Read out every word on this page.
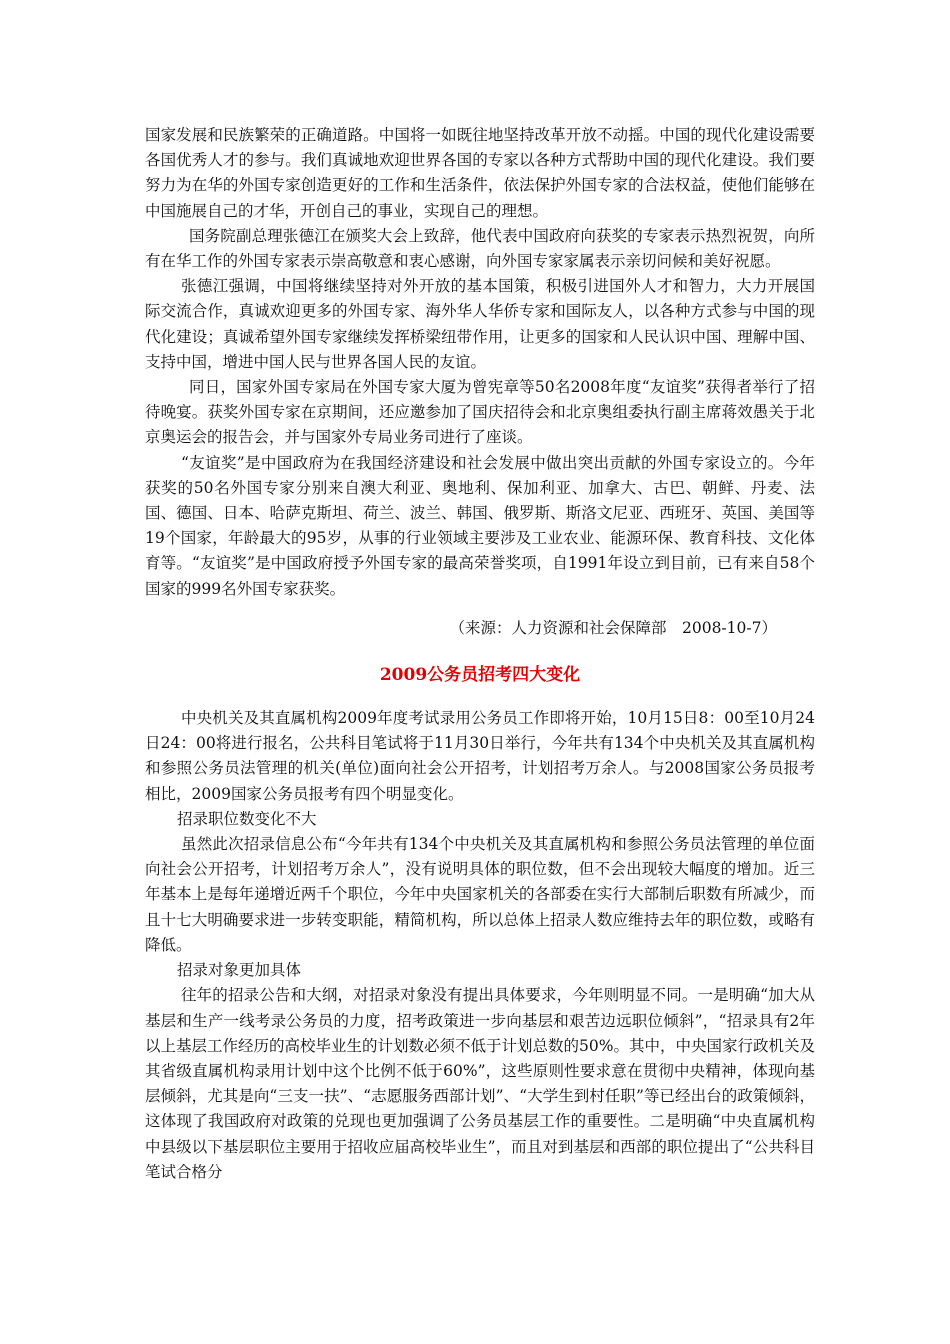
国家发展和民族繁荣的正确道路。中国将一如既往地坚持改革开放不动摇。中国的现代化建设需要各国优秀人才的参与。我们真诚地欢迎世界各国的专家以各种方式帮助中国的现代化建设。我们要努力为在华的外国专家创造更好的工作和生活条件，依法保护外国专家的合法权益，使他们能够在中国施展自己的才华，开创自己的事业，实现自己的理想。

国务院副总理张德江在颁奖大会上致辞，他代表中国政府向获奖的专家表示热烈祝贺，向所有在华工作的外国专家表示崇高敬意和衷心感谢，向外国专家家属表示亲切问候和美好祝愿。

张德江强调，中国将继续坚持对外开放的基本国策，积极引进国外人才和智力，大力开展国际交流合作，真诚欢迎更多的外国专家、海外华人华侨专家和国际友人，以各种方式参与中国的现代化建设；真诚希望外国专家继续发挥桥梁纽带作用，让更多的国家和人民认识中国、理解中国、支持中国，增进中国人民与世界各国人民的友谊。

同日，国家外国专家局在外国专家大厦为曾宪章等50名2008年度“友谊奖”获得者举行了招待晚宴。获奖外国专家在京期间，还应邀参加了国庆招待会和北京奥组委执行副主席蒋效愚关于北京奥运会的报告会，并与国家外专局业务司进行了座谈。

“友谊奖”是中国政府为在我国经济建设和社会发展中做出突出贡献的外国专家设立的。今年获奖的50名外国专家分别来自澳大利亚、奥地利、保加利亚、加拿大、古巴、朝鲜、丹麦、法国、德国、日本、哈萨克斯坦、荷兰、波兰、韩国、俄罗斯、斯洛文尼亚、西班牙、英国、美国等19个国家，年龄最大的95岁，从事的行业领域主要涉及工业农业、能源环保、教育科技、文化体育等。“友谊奖”是中国政府授予外国专家的最高荣誉奖项，自1991年设立到目前，已有来自58个国家的999名外国专家获奖。

（来源：人力资源和社会保障部　2008-10-7）

2009公务员招考四大变化

中央机关及其直属机构2009年度考试录用公务员工作即将开始，10月15日8：00至10月24日24：00将进行报名，公共科目笔试将于11月30日举行，今年共有134个中央机关及其直属机构和参照公务员法管理的机关(单位)面向社会公开招考，计划招考万余人。与2008国家公务员报考相比，2009国家公务员报考有四个明显变化。

招录职位数变化不大

虽然此次招录信息公布“今年共有134个中央机关及其直属机构和参照公务员法管理的单位面向社会公开招考，计划招考万余人”，没有说明具体的职位数，但不会出现较大幅度的增加。近三年基本上是每年递增近两千个职位，今年中央国家机关的各部委在实行大部制后职数有所减少，而且十七大明确要求进一步转变职能，精简机构，所以总体上招录人数应维持去年的职位数，或略有降低。

招录对象更加具体

往年的招录公告和大纲，对招录对象没有提出具体要求，今年则明显不同。一是明确“加大从基层和生产一线考录公务员的力度，招考政策进一步向基层和艰苦边远职位倾斜”，“招录具有2年以上基层工作经历的高校毕业生的计划数必须不低于计划总数的50%。其中，中央国家行政机关及其省级直属机构录用计划中这个比例不低于60%”，这些原则性要求意在贯彻中央精神，体现向基层倾斜，尤其是向“三支一扶”、“志愿服务西部计划”、“大学生到村任职”等已经出台的政策倾斜，这体现了我国政府对政策的兑现也更加强调了公务员基层工作的重要性。二是明确“中央直属机构中县级以下基层职位主要用于招收应届高校毕业生”，而且对到基层和西部的职位提出了“公共科目笔试合格分
